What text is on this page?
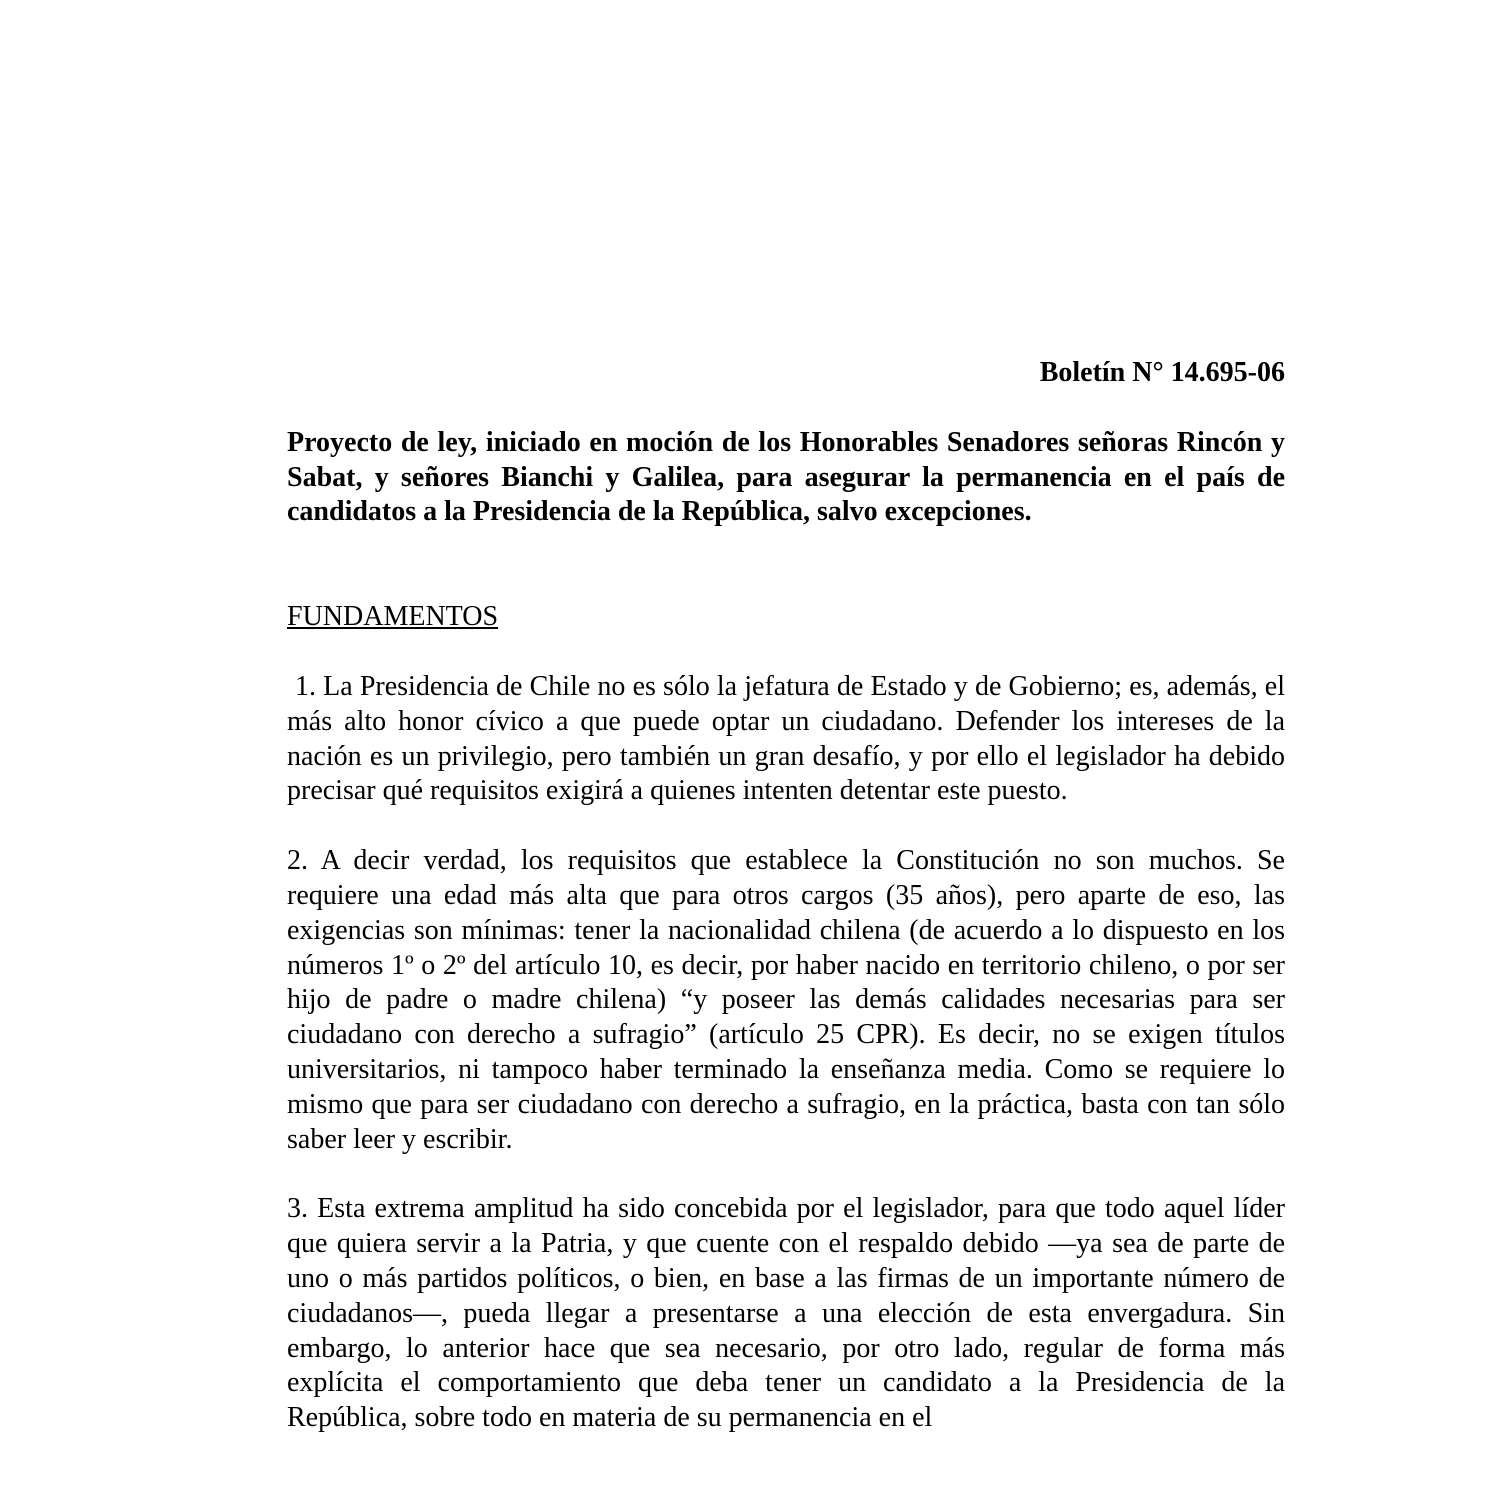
Boletín N° 14.695-06

Proyecto de ley, iniciado en moción de los Honorables Senadores señoras Rincón y Sabat, y señores Bianchi y Galilea, para asegurar la permanencia en el país de candidatos a la Presidencia de la República, salvo excepciones.

FUNDAMENTOS

1. La Presidencia de Chile no es sólo la jefatura de Estado y de Gobierno; es, además, el más alto honor cívico a que puede optar un ciudadano. Defender los intereses de la nación es un privilegio, pero también un gran desafío, y por ello el legislador ha debido precisar qué requisitos exigirá a quienes intenten detentar este puesto.

2. A decir verdad, los requisitos que establece la Constitución no son muchos. Se requiere una edad más alta que para otros cargos (35 años), pero aparte de eso, las exigencias son mínimas: tener la nacionalidad chilena (de acuerdo a lo dispuesto en los números 1º o 2º del artículo 10, es decir, por haber nacido en territorio chileno, o por ser hijo de padre o madre chilena) “y poseer las demás calidades necesarias para ser ciudadano con derecho a sufragio” (artículo 25 CPR). Es decir, no se exigen títulos universitarios, ni tampoco haber terminado la enseñanza media. Como se requiere lo mismo que para ser ciudadano con derecho a sufragio, en la práctica, basta con tan sólo saber leer y escribir.

3. Esta extrema amplitud ha sido concebida por el legislador, para que todo aquel líder que quiera servir a la Patria, y que cuente con el respaldo debido —ya sea de parte de uno o más partidos políticos, o bien, en base a las firmas de un importante número de ciudadanos—, pueda llegar a presentarse a una elección de esta envergadura. Sin embargo, lo anterior hace que sea necesario, por otro lado, regular de forma más explícita el comportamiento que deba tener un candidato a la Presidencia de la República, sobre todo en materia de su permanencia en el
